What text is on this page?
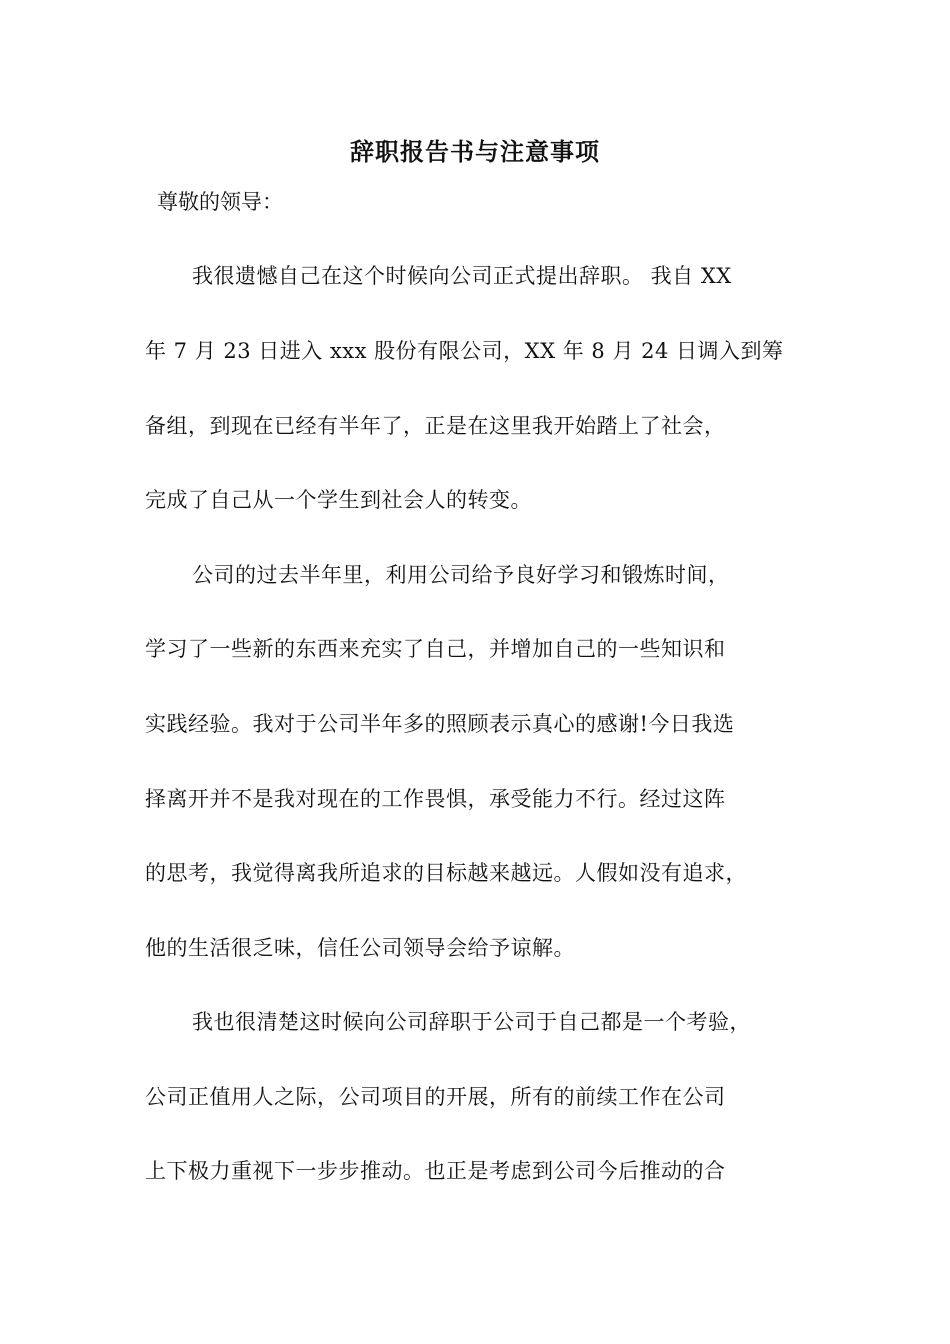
辞职报告书与注意事项

尊敬的领导：

我很遗憾自己在这个时候向公司正式提出辞职。 我自 XX

年 7 月 23 日进入 xxx 股份有限公司，XX 年 8 月 24 日调入到筹

备组，到现在已经有半年了，正是在这里我开始踏上了社会，

完成了自己从一个学生到社会人的转变。

公司的过去半年里，利用公司给予良好学习和锻炼时间，

学习了一些新的东西来充实了自己，并增加自己的一些知识和

实践经验。我对于公司半年多的照顾表示真心的感谢!今日我选

择离开并不是我对现在的工作畏惧，承受能力不行。经过这阵

的思考，我觉得离我所追求的目标越来越远。人假如没有追求，

他的生活很乏味，信任公司领导会给予谅解。

我也很清楚这时候向公司辞职于公司于自己都是一个考验，

公司正值用人之际，公司项目的开展，所有的前续工作在公司

上下极力重视下一步步推动。也正是考虑到公司今后推动的合
